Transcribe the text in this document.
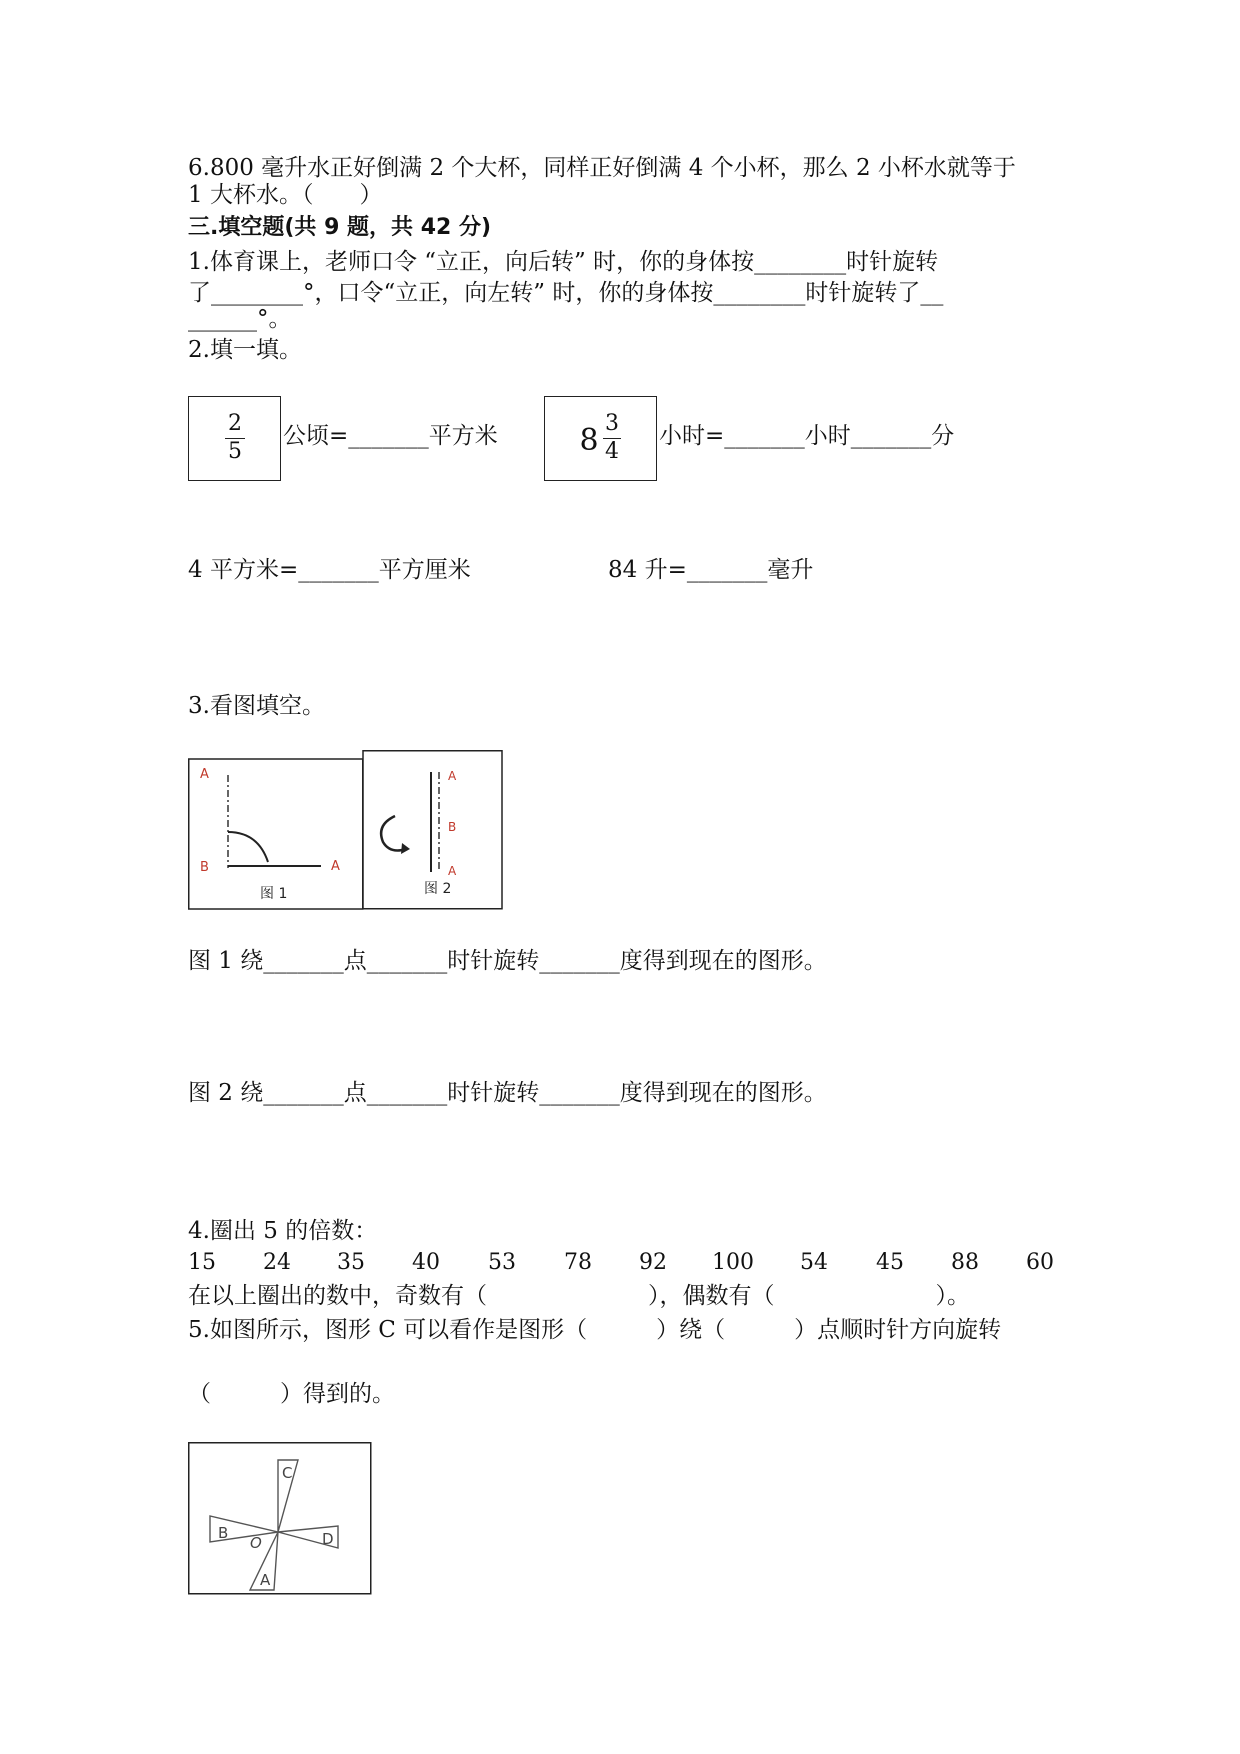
6.800 毫升水正好倒满 2 个大杯，同样正好倒满 4 个小杯，那么 2 小杯水就等于
1 大杯水。（　　）
三.填空题(共 9 题，共 42 分)
1.体育课上，老师口令 “立正，向后转” 时，你的身体按________时针旋转
了________°，口令“立正，向左转” 时，你的身体按________时针旋转了__
______°。
2.填一填。
2
5
公顷=_______平方米	8 3
4
小时=_______小时_______分
4 平方米=_______平方厘米	84 升=_______毫升
3.看图填空。
A
B	A
图 1
A
B
A
图 2
图 1 绕_______点_______时针旋转_______度得到现在的图形。
图 2 绕_______点_______时针旋转_______度得到现在的图形。
4.圈出 5 的倍数：
15 24 35 40 53 78 92 100 54 45 88 60
在以上圈出的数中，奇数有（　　　　　　　），偶数有（　　　　　　　）。
5.如图所示，图形 C 可以看作是图形（　　　）绕（　　　）点顺时针方向旋转
（　　　）得到的。
C
B	D
A
O
